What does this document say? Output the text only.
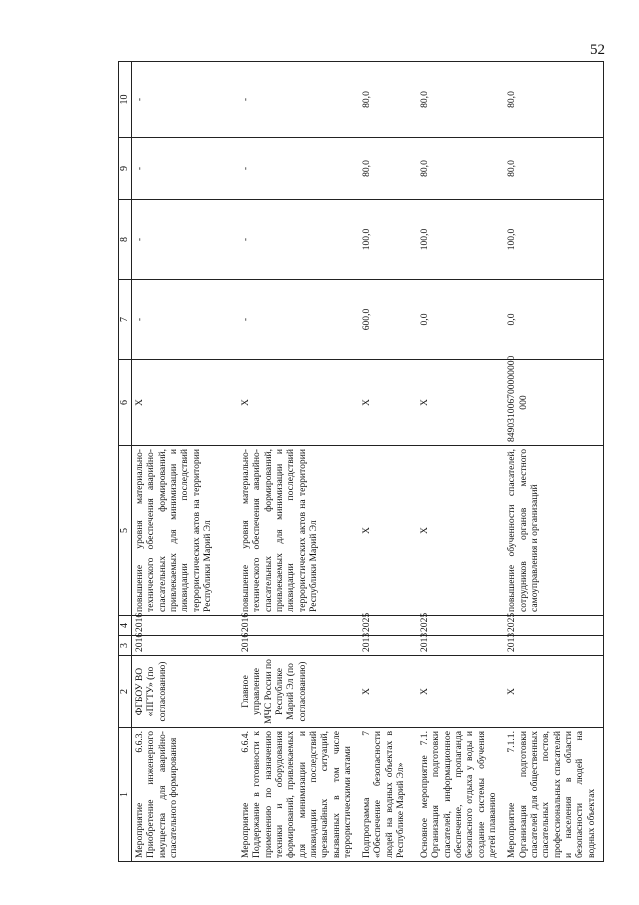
52
1	2	3	4	5	6	7	8	9	10
Мероприятие 6.6.3. Приобретение инженерного имущества для аварийно-спасательного формирования	ФГБОУ ВО «ПГТУ» (по согласованию)	2016	2016	повышение уровня материально-технического обеспечения аварийно-спасательных формирований, привлекаемых для минимизации и ликвидации последствий террористических актов на территории Республики Марий Эл	X	-	-	-	-
Мероприятие 6.6.4. Поддержание в готовности к применению по назначению техники и оборудования формирований, привлекаемых для минимизации и ликвидации последствий чрезвычайных ситуаций, вызванных в том числе террористическими актами	Главное управление МЧС России по Республике Марий Эл (по согласованию)	2016	2016	повышение уровня материально-технического обеспечения аварийно-спасательных формирований, привлекаемых для минимизации и ликвидации последствий террористических актов на территории Республики Марий Эл	X	-	-	-	-
Подпрограмма 7 «Обеспечение безопасности людей на водных объектах в Республике Марий Эл»	X	2013	2025	X	X	600,0	100,0	80,0	80,0
Основное мероприятие 7.1. Организация подготовки спасателей, информационное обеспечение, пропаганда безопасного отдыха у воды и создание системы обучения детей плаванию	X	2013	2025	X	X	0,0	100,0	80,0	80,0
Мероприятие 7.1.1. Организация подготовки спасателей для общественных спасательных постов, профессиональных спасателей и населения в области безопасности людей на водных объектах	X	2013	2025	повышение обученности спасателей, сотрудников органов местного самоуправления и организаций	849031006700000000 000	0,0	100,0	80,0	80,0
